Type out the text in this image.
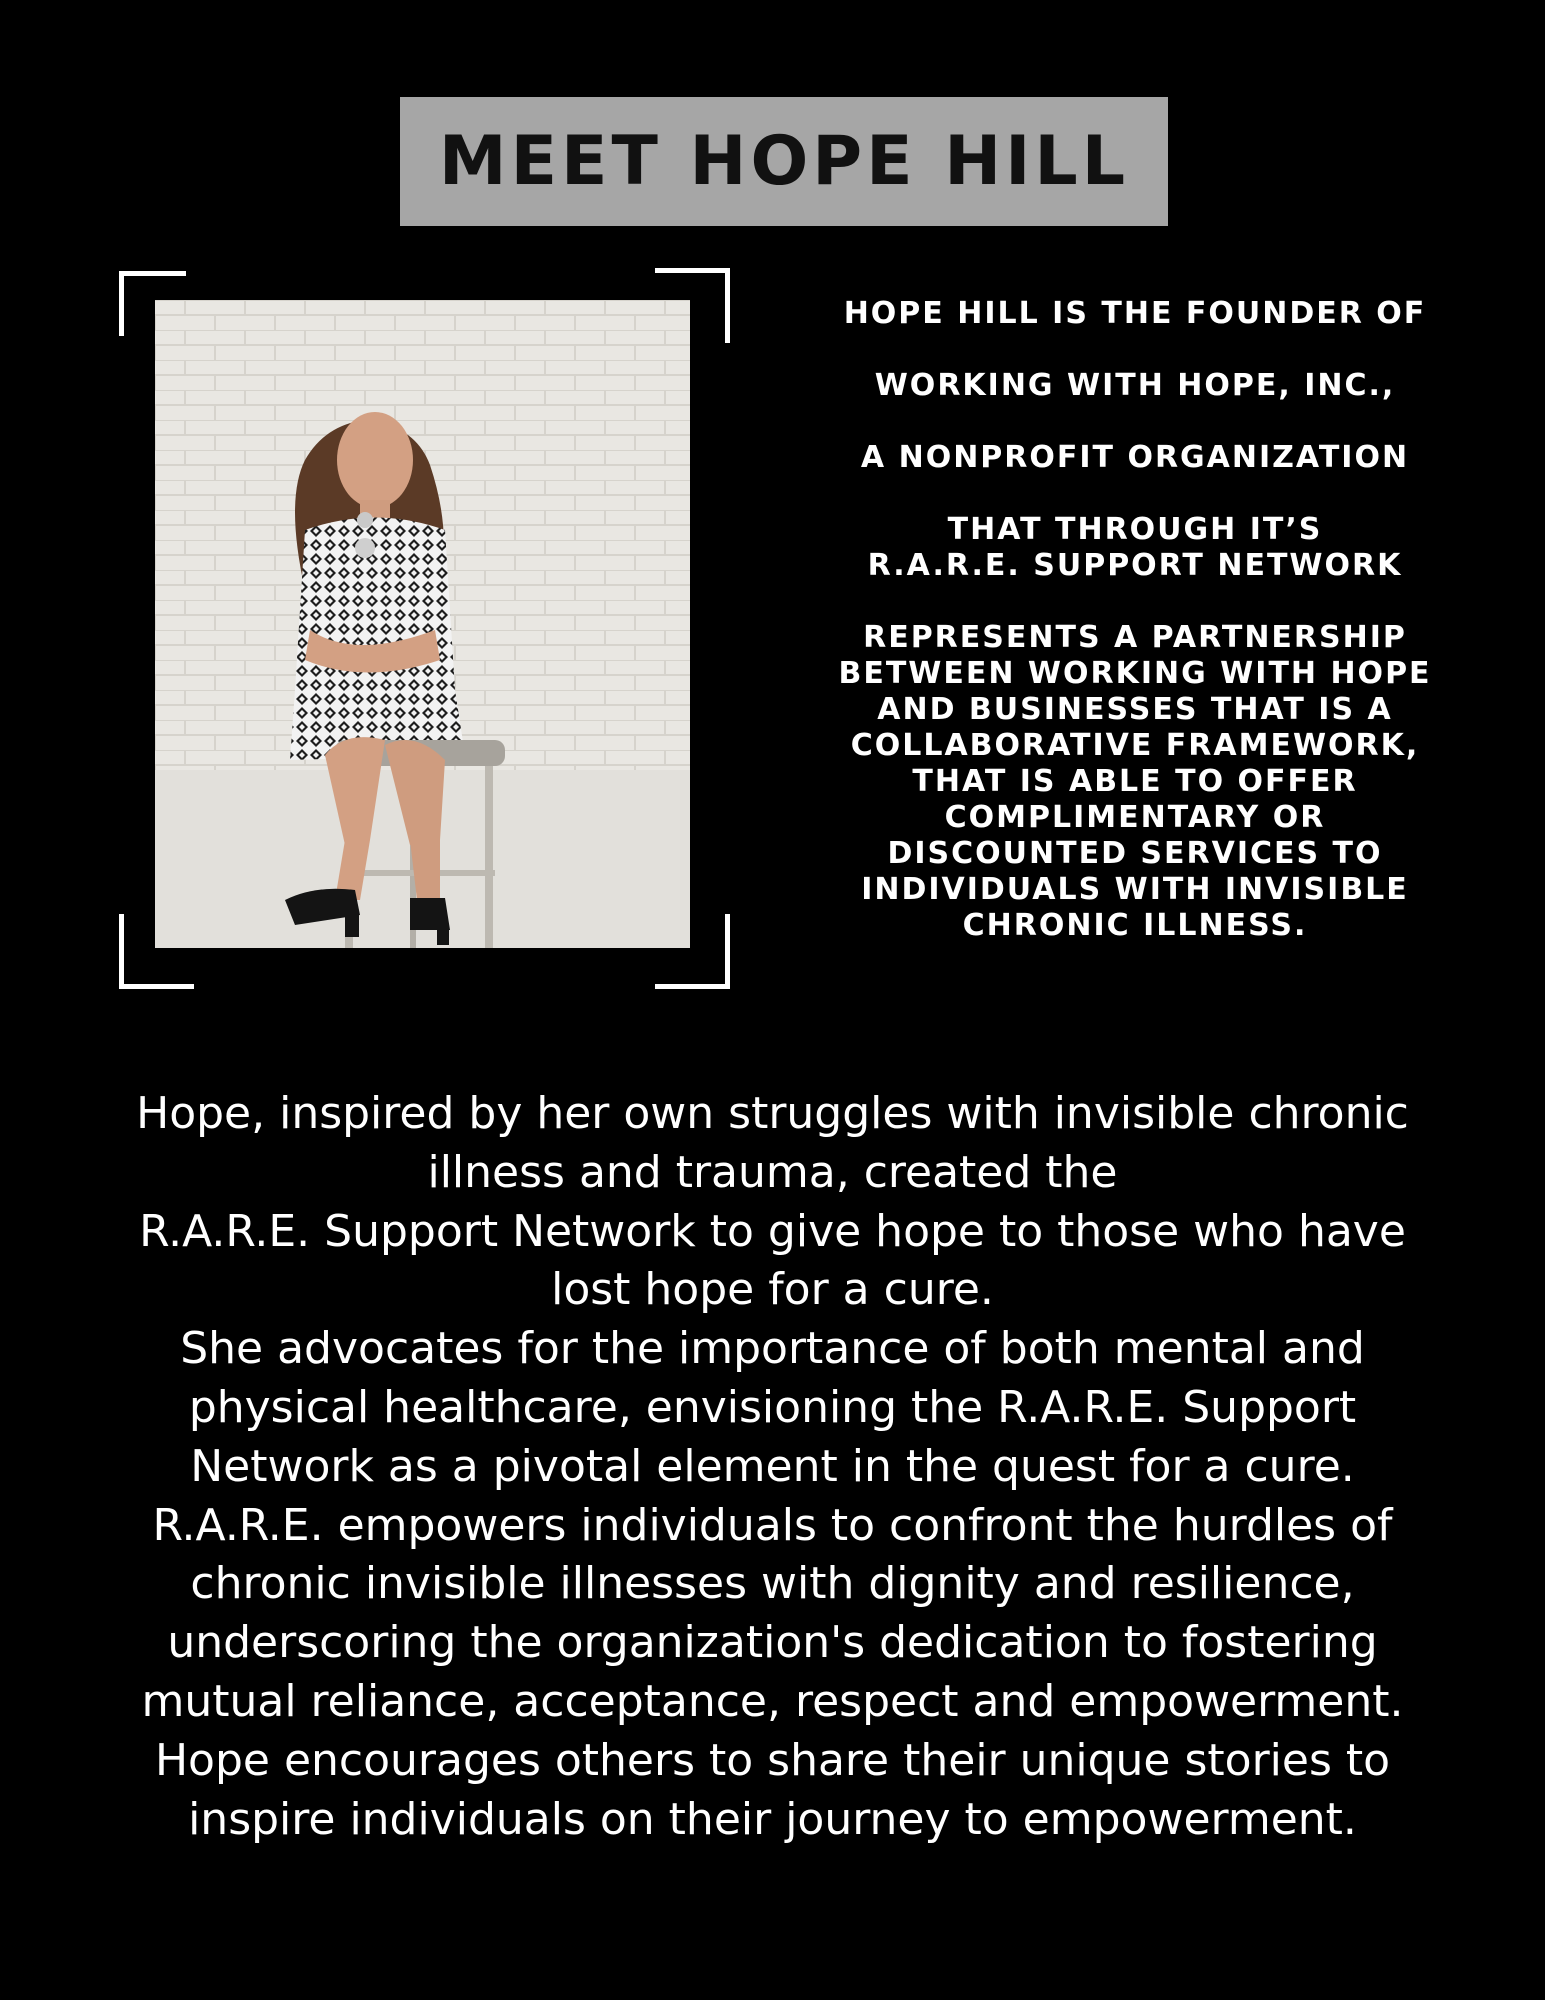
MEET HOPE HILL

HOPE HILL IS THE FOUNDER OF

WORKING WITH HOPE, INC.,

A NONPROFIT ORGANIZATION

THAT THROUGH IT’S

R.A.R.E. SUPPORT NETWORK

REPRESENTS A PARTNERSHIP

BETWEEN WORKING WITH HOPE

AND BUSINESSES THAT IS A

COLLABORATIVE FRAMEWORK,

THAT IS ABLE TO OFFER

COMPLIMENTARY OR

DISCOUNTED SERVICES TO

INDIVIDUALS WITH INVISIBLE

CHRONIC ILLNESS.

Hope, inspired by her own struggles with invisible chronic

illness and trauma, created the

R.A.R.E. Support Network to give hope to those who have

lost hope for a cure.

She advocates for the importance of both mental and

physical healthcare, envisioning the R.A.R.E. Support

Network as a pivotal element in the quest for a cure.

R.A.R.E. empowers individuals to confront the hurdles of

chronic invisible illnesses with dignity and resilience,

underscoring the organization's dedication to fostering

mutual reliance, acceptance, respect and empowerment.

Hope encourages others to share their unique stories to

inspire individuals on their journey to empowerment.
